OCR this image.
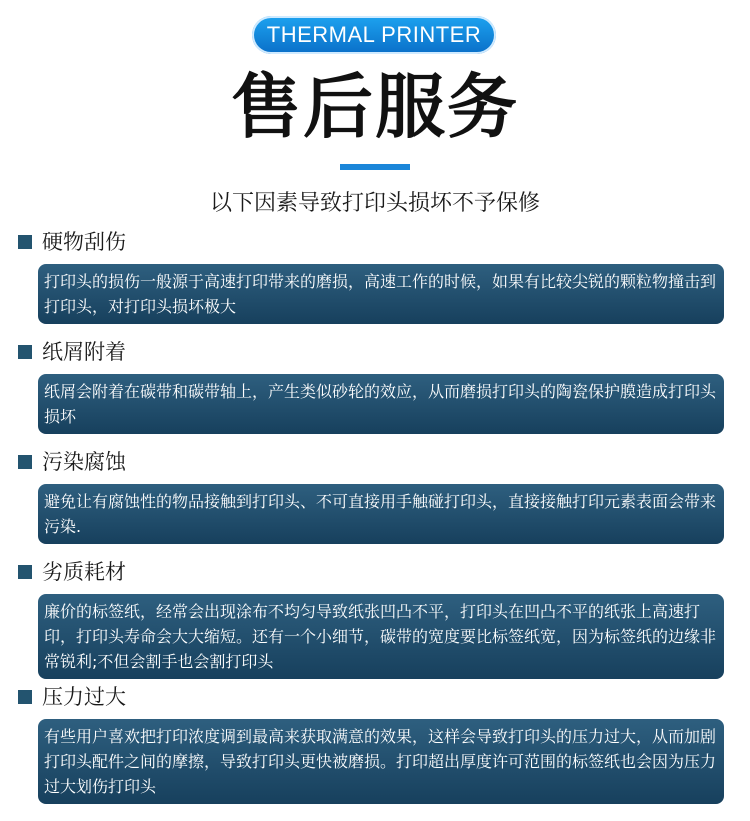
THERMAL PRINTER
售后服务
以下因素导致打印头损坏不予保修
硬物刮伤
打印头的损伤一般源于高速打印带来的磨损，高速工作的时候，如果有比较尖锐的颗粒物撞击到打印头，对打印头损坏极大
纸屑附着
纸屑会附着在碳带和碳带轴上，产生类似砂轮的效应，从而磨损打印头的陶瓷保护膜造成打印头损坏
污染腐蚀
避免让有腐蚀性的物品接触到打印头、不可直接用手触碰打印头，直接接触打印元素表面会带来污染.
劣质耗材
廉价的标签纸，经常会出现涂布不均匀导致纸张凹凸不平，打印头在凹凸不平的纸张上高速打印，打印头寿命会大大缩短。还有一个小细节，碳带的宽度要比标签纸宽，因为标签纸的边缘非常锐利;不但会割手也会割打印头
压力过大
有些用户喜欢把打印浓度调到最高来获取满意的效果，这样会导致打印头的压力过大，从而加剧打印头配件之间的摩擦，导致打印头更快被磨损。打印超出厚度许可范围的标签纸也会因为压力过大划伤打印头
